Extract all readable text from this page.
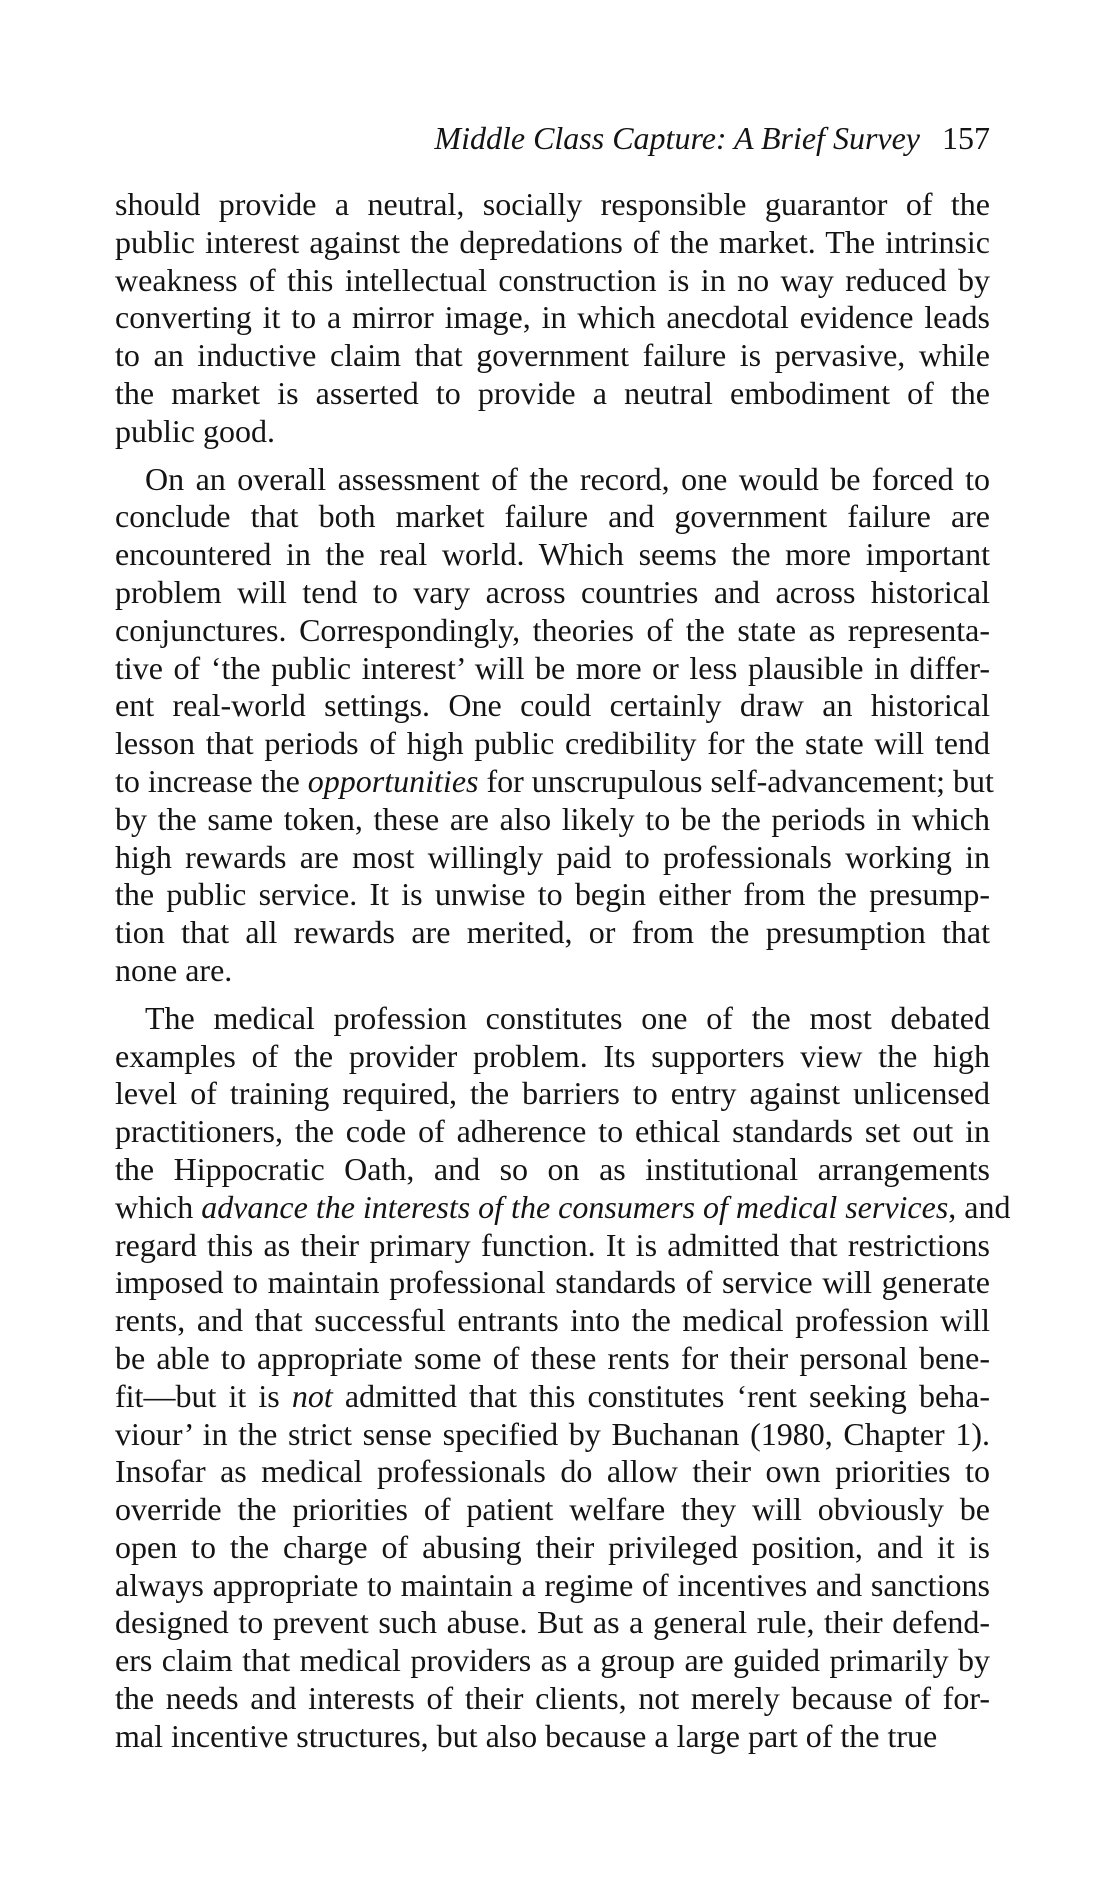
Middle Class Capture: A Brief Survey 157
should provide a neutral, socially responsible guarantor of the
public interest against the depredations of the market. The intrinsic
weakness of this intellectual construction is in no way reduced by
converting it to a mirror image, in which anecdotal evidence leads
to an inductive claim that government failure is pervasive, while
the market is asserted to provide a neutral embodiment of the
public good.
On an overall assessment of the record, one would be forced to
conclude that both market failure and government failure are
encountered in the real world. Which seems the more important
problem will tend to vary across countries and across historical
conjunctures. Correspondingly, theories of the state as representa-
tive of ‘the public interest’ will be more or less plausible in differ-
ent real-world settings. One could certainly draw an historical
lesson that periods of high public credibility for the state will tend
to increase the opportunities for unscrupulous self-advancement; but
by the same token, these are also likely to be the periods in which
high rewards are most willingly paid to professionals working in
the public service. It is unwise to begin either from the presump-
tion that all rewards are merited, or from the presumption that
none are.
The medical profession constitutes one of the most debated
examples of the provider problem. Its supporters view the high
level of training required, the barriers to entry against unlicensed
practitioners, the code of adherence to ethical standards set out in
the Hippocratic Oath, and so on as institutional arrangements
which advance the interests of the consumers of medical services, and
regard this as their primary function. It is admitted that restrictions
imposed to maintain professional standards of service will generate
rents, and that successful entrants into the medical profession will
be able to appropriate some of these rents for their personal bene-
fit—but it is not admitted that this constitutes ‘rent seeking beha-
viour’ in the strict sense specified by Buchanan (1980, Chapter 1).
Insofar as medical professionals do allow their own priorities to
override the priorities of patient welfare they will obviously be
open to the charge of abusing their privileged position, and it is
always appropriate to maintain a regime of incentives and sanctions
designed to prevent such abuse. But as a general rule, their defend-
ers claim that medical providers as a group are guided primarily by
the needs and interests of their clients, not merely because of for-
mal incentive structures, but also because a large part of the true
